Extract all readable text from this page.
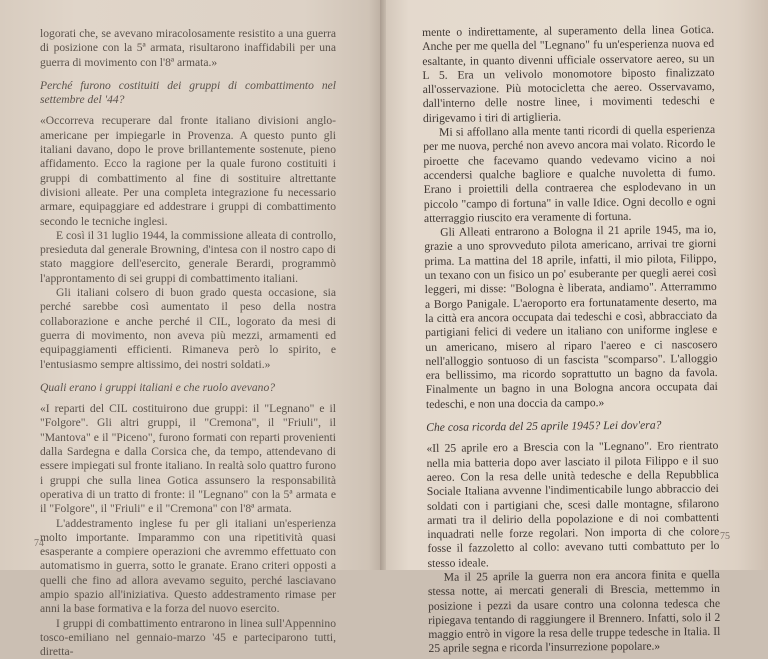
logorati che, se avevano miracolosamente resistito a una guerra di posizione con la 5ª armata, risultarono inaffidabili per una guerra di movimento con l'8ª armata.»

Perché furono costituiti dei gruppi di combattimento nel settembre del '44?

«Occorreva recuperare dal fronte italiano divisioni anglo-americane per impiegarle in Provenza. A questo punto gli italiani davano, dopo le prove brillantemente sostenute, pieno affidamento. Ecco la ragione per la quale furono costituiti i gruppi di combattimento al fine di sostituire altrettante divisioni alleate. Per una completa integrazione fu necessario armare, equipaggiare ed addestrare i gruppi di combattimento secondo le tecniche inglesi.

E così il 31 luglio 1944, la commissione alleata di controllo, presieduta dal generale Browning, d'intesa con il nostro capo di stato maggiore dell'esercito, generale Berardi, programmò l'approntamento di sei gruppi di combattimento italiani.

Gli italiani colsero di buon grado questa occasione, sia perché sarebbe così aumentato il peso della nostra collaborazione e anche perché il CIL, logorato da mesi di guerra di movimento, non aveva più mezzi, armamenti ed equipaggiamenti efficienti. Rimaneva però lo spirito, e l'entusiasmo sempre altissimo, dei nostri soldati.»

Quali erano i gruppi italiani e che ruolo avevano?

«I reparti del CIL costituirono due gruppi: il "Legnano" e il "Folgore". Gli altri gruppi, il "Cremona", il "Friuli", il "Mantova" e il "Piceno", furono formati con reparti provenienti dalla Sardegna e dalla Corsica che, da tempo, attendevano di essere impiegati sul fronte italiano. In realtà solo quattro furono i gruppi che sulla linea Gotica assunsero la responsabilità operativa di un tratto di fronte: il "Legnano" con la 5ª armata e il "Folgore", il "Friuli" e il "Cremona" con l'8ª armata.

L'addestramento inglese fu per gli italiani un'esperienza molto importante. Imparammo con una ripetitività quasi esasperante a compiere operazioni che avremmo effettuato con automatismo in guerra, sotto le granate. Erano criteri opposti a quelli che fino ad allora avevamo seguito, perché lasciavano ampio spazio all'iniziativa. Questo addestramento rimase per anni la base formativa e la forza del nuovo esercito.

I gruppi di combattimento entrarono in linea sull'Appennino tosco-emiliano nel gennaio-marzo '45 e parteciparono tutti, diretta-

74

mente o indirettamente, al superamento della linea Gotica. Anche per me quella del "Legnano" fu un'esperienza nuova ed esaltante, in quanto divenni ufficiale osservatore aereo, su un L 5. Era un velivolo monomotore biposto finalizzato all'osservazione. Più motocicletta che aereo. Osservavamo, dall'interno delle nostre linee, i movimenti tedeschi e dirigevamo i tiri di artiglieria.

Mi si affollano alla mente tanti ricordi di quella esperienza per me nuova, perché non avevo ancora mai volato. Ricordo le piroette che facevamo quando vedevamo vicino a noi accendersi qualche bagliore e qualche nuvoletta di fumo. Erano i proiettili della contraerea che esplodevano in un piccolo "campo di fortuna" in valle Idice. Ogni decollo e ogni atterraggio riuscito era veramente di fortuna.

Gli Alleati entrarono a Bologna il 21 aprile 1945, ma io, grazie a uno sprovveduto pilota americano, arrivai tre giorni prima. La mattina del 18 aprile, infatti, il mio pilota, Filippo, un texano con un fisico un po' esuberante per quegli aerei così leggeri, mi disse: "Bologna è liberata, andiamo". Atterrammo a Borgo Panigale. L'aeroporto era fortunatamente deserto, ma la città era ancora occupata dai tedeschi e così, abbracciato da partigiani felici di vedere un italiano con uniforme inglese e un americano, misero al riparo l'aereo e ci nascosero nell'alloggio sontuoso di un fascista "scomparso". L'alloggio era bellissimo, ma ricordo soprattutto un bagno da favola. Finalmente un bagno in una Bologna ancora occupata dai tedeschi, e non una doccia da campo.»

Che cosa ricorda del 25 aprile 1945? Lei dov'era?

«Il 25 aprile ero a Brescia con la "Legnano". Ero rientrato nella mia batteria dopo aver lasciato il pilota Filippo e il suo aereo. Con la resa delle unità tedesche e della Repubblica Sociale Italiana avvenne l'indimenticabile lungo abbraccio dei soldati con i partigiani che, scesi dalle montagne, sfilarono armati tra il delirio della popolazione e di noi combattenti inquadrati nelle forze regolari. Non importa di che colore fosse il fazzoletto al collo: avevano tutti combattuto per lo stesso ideale.

Ma il 25 aprile la guerra non era ancora finita e quella stessa notte, ai mercati generali di Brescia, mettemmo in posizione i pezzi da usare contro una colonna tedesca che ripiegava tentando di raggiungere il Brennero. Infatti, solo il 2 maggio entrò in vigore la resa delle truppe tedesche in Italia. Il 25 aprile segna e ricorda l'insurrezione popolare.»

75
